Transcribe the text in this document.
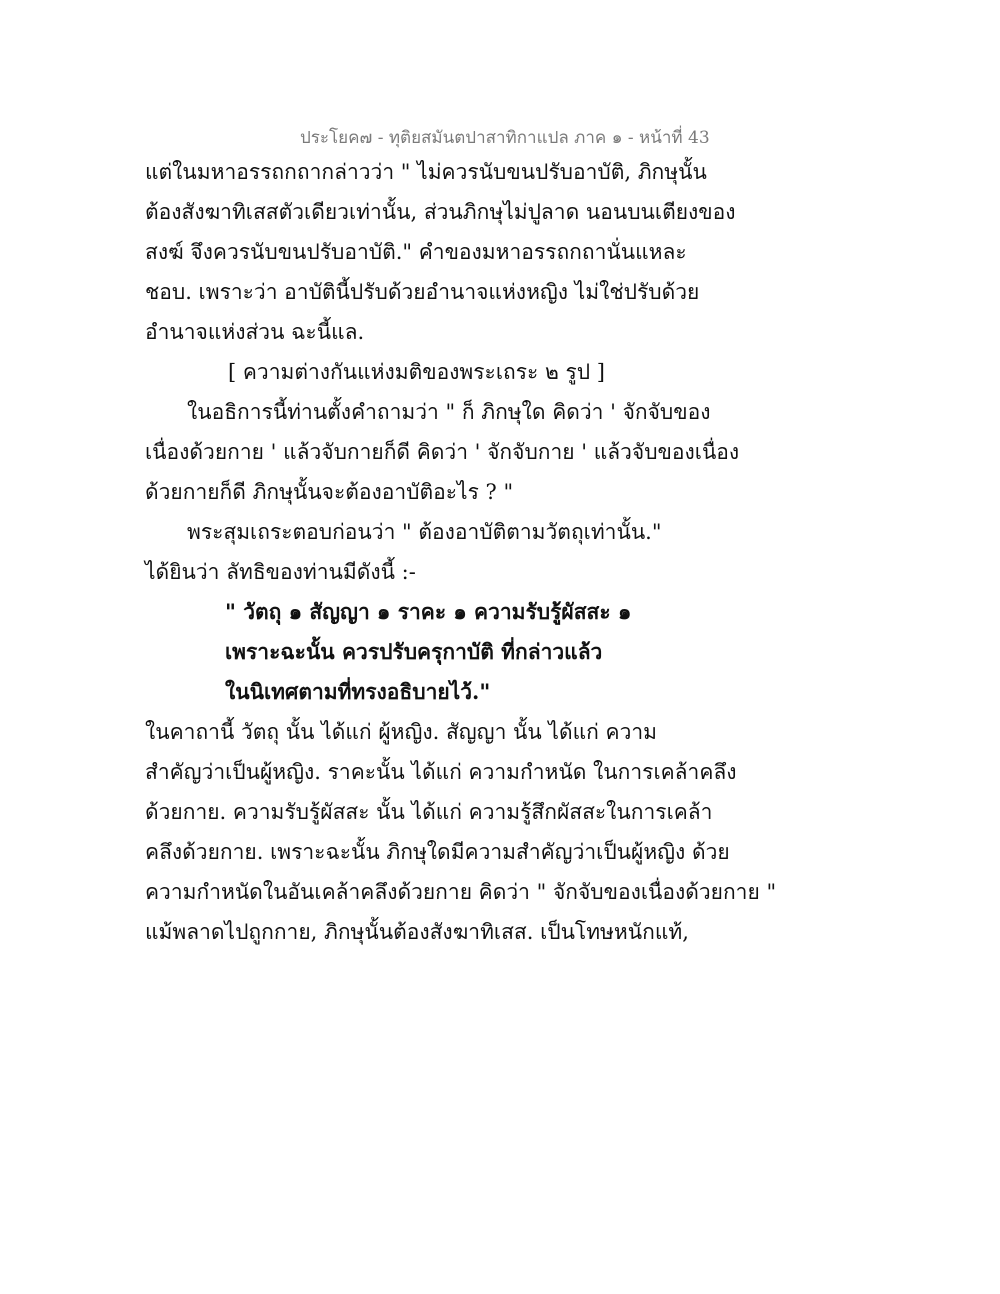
ประโยค๗ - ทุติยสมันตปาสาทิกาแปล ภาค ๑ - หน้าที่ 43
แต่ในมหาอรรถกถากล่าวว่า " ไม่ควรนับขนปรับอาบัติ, ภิกษุนั้น
ต้องสังฆาทิเสสตัวเดียวเท่านั้น, ส่วนภิกษุไม่ปูลาด นอนบนเตียงของ
สงฆ์ จึงควรนับขนปรับอาบัติ." คำของมหาอรรถกถานั่นแหละ
ชอบ. เพราะว่า อาบัตินี้ปรับด้วยอำนาจแห่งหญิง ไม่ใช่ปรับด้วย
อำนาจแห่งส่วน ฉะนี้แล.
[ ความต่างกันแห่งมติของพระเถระ ๒ รูป ]
ในอธิการนี้ท่านตั้งคำถามว่า " ก็ ภิกษุใด คิดว่า ' จักจับของ
เนื่องด้วยกาย ' แล้วจับกายก็ดี คิดว่า ' จักจับกาย ' แล้วจับของเนื่อง
ด้วยกายก็ดี ภิกษุนั้นจะต้องอาบัติอะไร ? "
พระสุมเถระตอบก่อนว่า " ต้องอาบัติตามวัตถุเท่านั้น."
ได้ยินว่า ลัทธิของท่านมีดังนี้ :-
" วัตถุ ๑ สัญญา ๑ ราคะ ๑ ความรับรู้ผัสสะ ๑
เพราะฉะนั้น ควรปรับครุกาบัติ ที่กล่าวแล้ว
ในนิเทศตามที่ทรงอธิบายไว้."
ในคาถานี้ วัตถุ นั้น ได้แก่ ผู้หญิง. สัญญา นั้น ได้แก่ ความ
สำคัญว่าเป็นผู้หญิง. ราคะนั้น ได้แก่ ความกำหนัด ในการเคล้าคลึง
ด้วยกาย. ความรับรู้ผัสสะ นั้น ได้แก่ ความรู้สึกผัสสะในการเคล้า
คลึงด้วยกาย. เพราะฉะนั้น ภิกษุใดมีความสำคัญว่าเป็นผู้หญิง ด้วย
ความกำหนัดในอันเคล้าคลึงด้วยกาย คิดว่า " จักจับของเนื่องด้วยกาย "
แม้พลาดไปถูกกาย, ภิกษุนั้นต้องสังฆาทิเสส. เป็นโทษหนักแท้,
